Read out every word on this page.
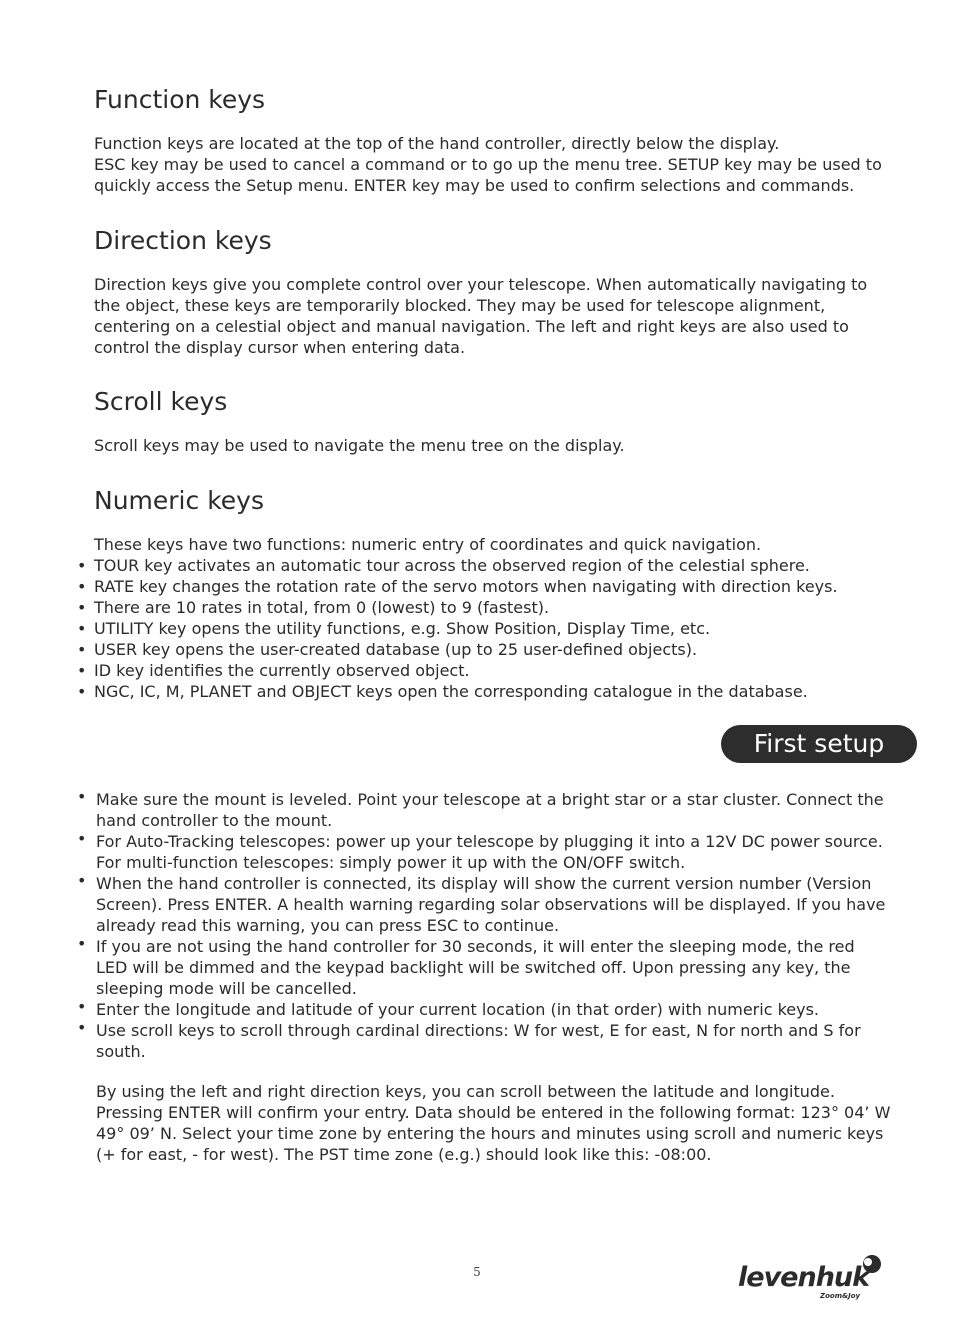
Function keys

Function keys are located at the top of the hand controller, directly below the display.

ESC key may be used to cancel a command or to go up the menu tree. SETUP key may be used to quickly access the Setup menu. ENTER key may be used to confirm selections and commands.

Direction keys

Direction keys give you complete control over your telescope. When automatically navigating to the object, these keys are temporarily blocked. They may be used for telescope alignment, centering on a celestial object and manual navigation. The left and right keys are also used to control the display cursor when entering data.

Scroll keys

Scroll keys may be used to navigate the menu tree on the display.

Numeric keys

These keys have two functions: numeric entry of coordinates and quick navigation.

• TOUR key activates an automatic tour across the observed region of the celestial sphere.
• RATE key changes the rotation rate of the servo motors when navigating with direction keys.
• There are 10 rates in total, from 0 (lowest) to 9 (fastest).
• UTILITY key opens the utility functions, e.g. Show Position, Display Time, etc.
• USER key opens the user-created database (up to 25 user-defined objects).
• ID key identifies the currently observed object.
• NGC, IC, M, PLANET and OBJECT keys open the corresponding catalogue in the database.
First setup
• Make sure the mount is leveled. Point your telescope at a bright star or a star cluster. Connect the hand controller to the mount.
• For Auto-Tracking telescopes: power up your telescope by plugging it into a 12V DC power source. For multi-function telescopes: simply power it up with the ON/OFF switch.
• When the hand controller is connected, its display will show the current version number (Version Screen). Press ENTER. A health warning regarding solar observations will be displayed. If you have already read this warning, you can press ESC to continue.
• If you are not using the hand controller for 30 seconds, it will enter the sleeping mode, the red LED will be dimmed and the keypad backlight will be switched off. Upon pressing any key, the sleeping mode will be cancelled.
• Enter the longitude and latitude of your current location (in that order) with numeric keys.
• Use scroll keys to scroll through cardinal directions: W for west, E for east, N for north and S for south.

By using the left and right direction keys, you can scroll between the latitude and longitude. Pressing ENTER will confirm your entry. Data should be entered in the following format: 123° 04’ W 49° 09’ N. Select your time zone by entering the hours and minutes using scroll and numeric keys (+ for east, - for west). The PST time zone (e.g.) should look like this: -08:00.

5	levenhuk
Zoom&Joy
